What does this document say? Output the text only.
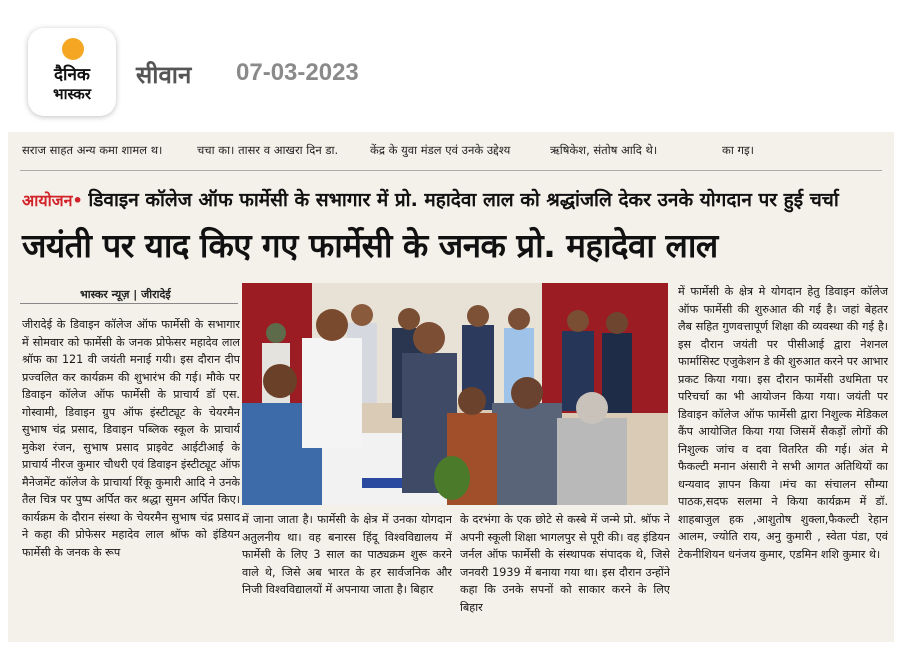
दैनिक
भास्कर
सीवान 07-03-2023
सराज साहत अन्य कमा शामल थ।	चचा का। तासर व आखरा दिन डा.	केंद्र के युवा मंडल एवं उनके उद्देश्य	ऋषिकेश, संतोष आदि थे।	का गइ।
आयोजन• डिवाइन कॉलेज ऑफ फार्मेसी के सभागार में प्रो. महादेवा लाल को श्रद्धांजलि देकर उनके योगदान पर हुई चर्चा
जयंती पर याद किए गए फार्मेसी के जनक प्रो. महादेवा लाल
भास्कर न्यूज़ | जीरादेई

जीरादेई के डिवाइन कॉलेज ऑफ फार्मेसी के सभागार में सोमवार को फार्मेसी के जनक प्रोफेसर महादेव लाल श्रॉफ का 121 वी जयंती मनाई गयी। इस दौरान दीप प्रज्वलित कर कार्यक्रम की शुभारंभ की गई। मौके पर डिवाइन कॉलेज ऑफ फार्मेसी के प्राचार्य डॉ एस. गोस्वामी, डिवाइन ग्रुप ऑफ इंस्टीट्यूट के चेयरमैन सुभाष चंद्र प्रसाद, डिवाइन पब्लिक स्कूल के प्राचार्य मुकेश रंजन, सुभाष प्रसाद प्राइवेट आईटीआई के प्राचार्य नीरज कुमार चौधरी एवं डिवाइन इंस्टीट्यूट ऑफ मैनेजमेंट कॉलेज के प्राचार्या रिंकू कुमारी आदि ने उनके तैल चित्र पर पुष्प अर्पित कर श्रद्धा सुमन अर्पित किए। कार्यक्रम के दौरान संस्था के चेयरमैन सुभाष चंद्र प्रसाद ने कहा की प्रोफेसर महादेव लाल श्रॉफ को इंडियन फार्मेसी के जनक के रूप

में जाना जाता है। फार्मेसी के क्षेत्र में उनका योगदान अतुलनीय था। वह बनारस हिंदू विश्वविद्यालय में फार्मेसी के लिए 3 साल का पाठ्यक्रम शुरू करने वाले थे, जिसे अब भारत के हर सार्वजनिक और निजी विश्वविद्यालयों में अपनाया जाता है। बिहार

के दरभंगा के एक छोटे से कस्बे में जन्मे प्रो. श्रॉफ ने अपनी स्कूली शिक्षा भागलपुर से पूरी की। वह इंडियन जर्नल ऑफ फार्मेसी के संस्थापक संपादक थे, जिसे जनवरी 1939 में बनाया गया था। इस दौरान उन्होंने कहा कि उनके सपनों को साकार करने के लिए बिहार

में फार्मेसी के क्षेत्र मे योगदान हेतु डिवाइन कॉलेज ऑफ फार्मेसी की शुरुआत की गई है। जहां बेहतर लैब सहित गुणवत्तापूर्ण शिक्षा की व्यवस्था की गई है। इस दौरान जयंती पर पीसीआई द्वारा नेशनल फार्मासिस्ट एजुकेशन डे की शुरुआत करने पर आभार प्रकट किया गया। इस दौरान फार्मेसी उधमिता पर परिचर्चा का भी आयोजन किया गया। जयंती पर डिवाइन कॉलेज ऑफ फार्मेसी द्वारा निशुल्क मेडिकल कैंप आयोजित किया गया जिसमें सैकड़ों लोगों की निशुल्क जांच व दवा वितरित की गई। अंत मे फैकल्टी मनान अंसारी ने सभी आगत अतिथियों का धन्यवाद ज्ञापन किया ।मंच का संचालन सौम्या पाठक,सदफ सलमा ने किया कार्यक्रम में डॉ. शाहबाजुल हक ,आशुतोष शुक्ला,फैकल्टी रेहान आलम, ज्योति राय, अनु कुमारी , स्वेता पंडा, एवं टेकनीशियन धनंजय कुमार, एडमिन शशि कुमार थे।
